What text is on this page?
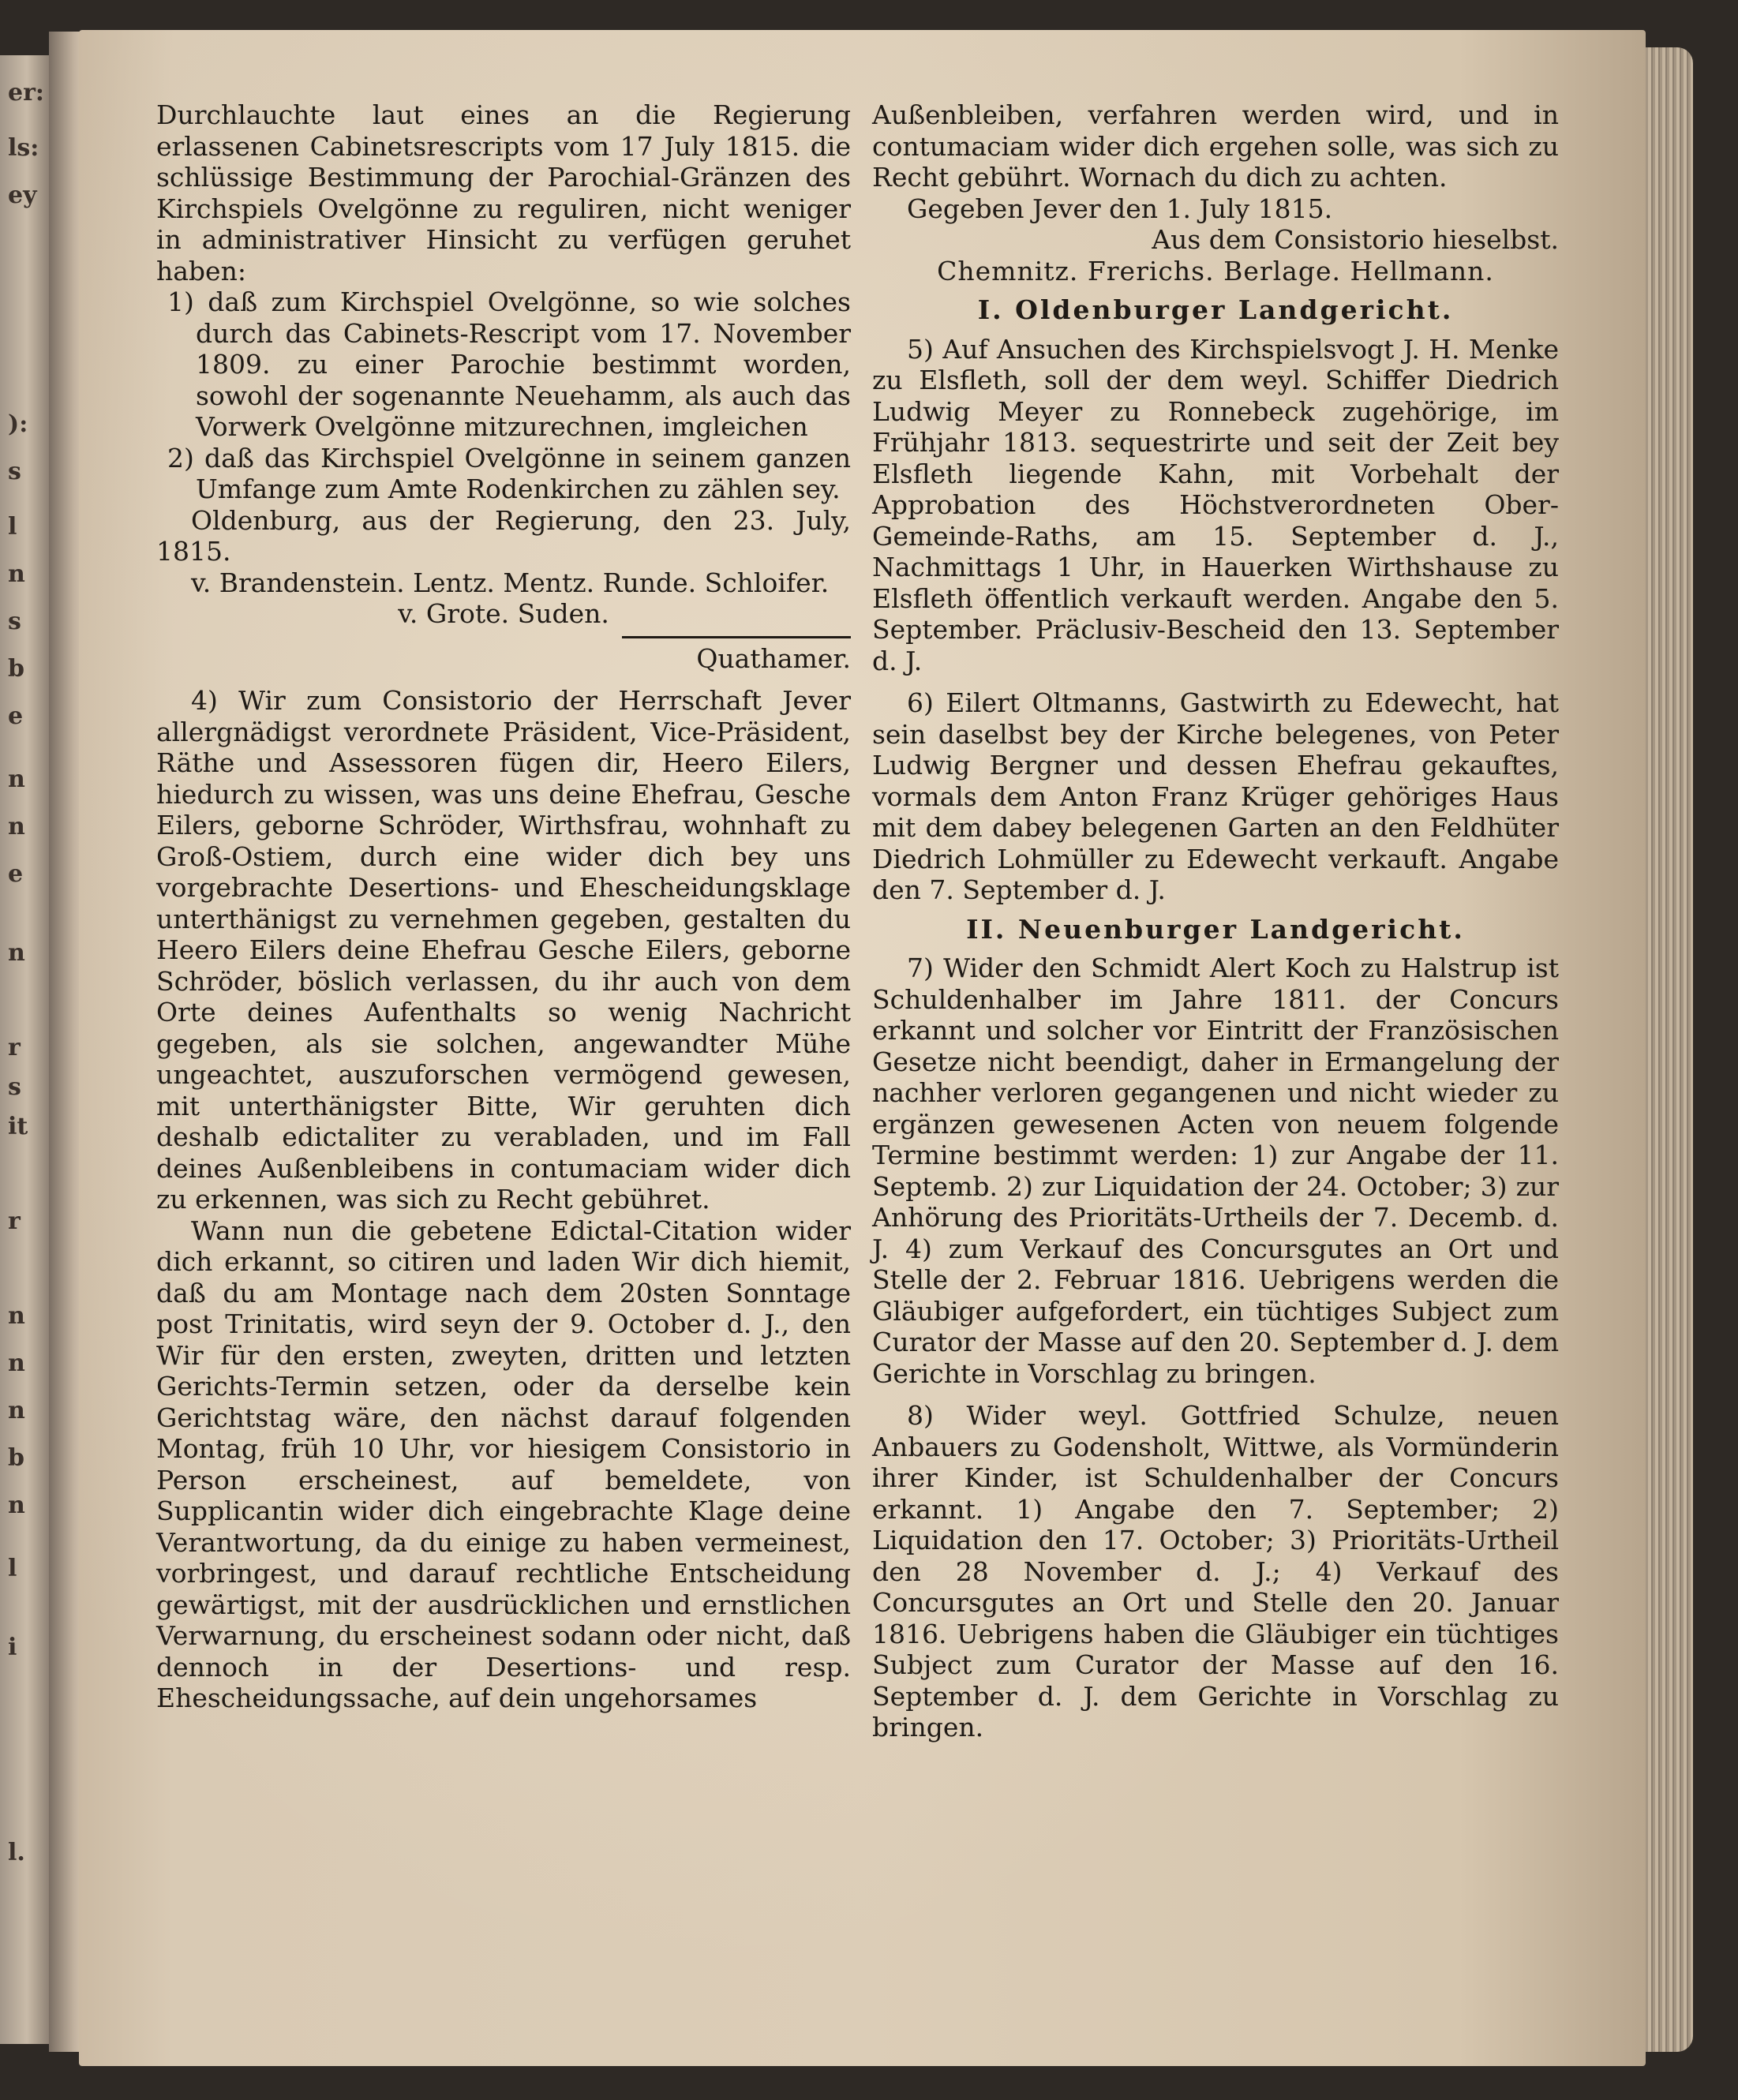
er:
ls:
ey
):
s
l
n
s
b
e
n
n
e
n
r
s
it
r
n
n
n
b
n
l
i
l.

Durchlauchte laut eines an die Regierung erlassenen Cabinetsrescripts vom 17 July 1815. die schlüssige Bestimmung der Parochial-Gränzen des Kirchspiels Ovelgönne zu reguliren, nicht weniger in administrativer Hinsicht zu verfügen geruhet haben:

1) daß zum Kirchspiel Ovelgönne, so wie solches durch das Cabinets-Rescript vom 17. November 1809. zu einer Parochie bestimmt worden, sowohl der sogenannte Neuehamm, als auch das Vorwerk Ovelgönne mitzurechnen, imgleichen

2) daß das Kirchspiel Ovelgönne in seinem ganzen Umfange zum Amte Rodenkirchen zu zählen sey.

Oldenburg, aus der Regierung, den 23. July, 1815.

v. Brandenstein. Lentz. Mentz. Runde. Schloifer.

v. Grote. Suden.

Quathamer.

4) Wir zum Consistorio der Herrschaft Jever allergnädigst verordnete Präsident, Vice-Präsident, Räthe und Assessoren fügen dir, Heero Eilers, hiedurch zu wissen, was uns deine Ehefrau, Gesche Eilers, geborne Schröder, Wirthsfrau, wohnhaft zu Groß-Ostiem, durch eine wider dich bey uns vorgebrachte Desertions- und Ehescheidungsklage unterthänigst zu vernehmen gegeben, gestalten du Heero Eilers deine Ehefrau Gesche Eilers, geborne Schröder, böslich verlassen, du ihr auch von dem Orte deines Aufenthalts so wenig Nachricht gegeben, als sie solchen, angewandter Mühe ungeachtet, auszuforschen vermögend gewesen, mit unterthänigster Bitte, Wir geruhten dich deshalb edictaliter zu verabladen, und im Fall deines Außenbleibens in contumaciam wider dich zu erkennen, was sich zu Recht gebühret.

Wann nun die gebetene Edictal-Citation wider dich erkannt, so citiren und laden Wir dich hiemit, daß du am Montage nach dem 20sten Sonntage post Trinitatis, wird seyn der 9. October d. J., den Wir für den ersten, zweyten, dritten und letzten Gerichts-Termin setzen, oder da derselbe kein Gerichtstag wäre, den nächst darauf folgenden Montag, früh 10 Uhr, vor hiesigem Consistorio in Person erscheinest, auf bemeldete, von Supplicantin wider dich eingebrachte Klage deine Verantwortung, da du einige zu haben vermeinest, vorbringest, und darauf rechtliche Entscheidung gewärtigst, mit der ausdrücklichen und ernstlichen Verwarnung, du erscheinest sodann oder nicht, daß dennoch in der Desertions- und resp. Ehescheidungssache, auf dein ungehorsames

Außenbleiben, verfahren werden wird, und in contumaciam wider dich ergehen solle, was sich zu Recht gebührt. Wornach du dich zu achten.

Gegeben Jever den 1. July 1815.

Aus dem Consistorio hieselbst.

Chemnitz. Frerichs. Berlage. Hellmann.

I. Oldenburger Landgericht.

5) Auf Ansuchen des Kirchspielsvogt J. H. Menke zu Elsfleth, soll der dem weyl. Schiffer Diedrich Ludwig Meyer zu Ronnebeck zugehörige, im Frühjahr 1813. sequestrirte und seit der Zeit bey Elsfleth liegende Kahn, mit Vorbehalt der Approbation des Höchstverordneten Ober-Gemeinde-Raths, am 15. September d. J., Nachmittags 1 Uhr, in Hauerken Wirthshause zu Elsfleth öffentlich verkauft werden. Angabe den 5. September. Präclusiv-Bescheid den 13. September d. J.

6) Eilert Oltmanns, Gastwirth zu Edewecht, hat sein daselbst bey der Kirche belegenes, von Peter Ludwig Bergner und dessen Ehefrau gekauftes, vormals dem Anton Franz Krüger gehöriges Haus mit dem dabey belegenen Garten an den Feldhüter Diedrich Lohmüller zu Edewecht verkauft. Angabe den 7. September d. J.

II. Neuenburger Landgericht.

7) Wider den Schmidt Alert Koch zu Halstrup ist Schuldenhalber im Jahre 1811. der Concurs erkannt und solcher vor Eintritt der Französischen Gesetze nicht beendigt, daher in Ermangelung der nachher verloren gegangenen und nicht wieder zu ergänzen gewesenen Acten von neuem folgende Termine bestimmt werden: 1) zur Angabe der 11. Septemb. 2) zur Liquidation der 24. October; 3) zur Anhörung des Prioritäts-Urtheils der 7. Decemb. d. J. 4) zum Verkauf des Concursgutes an Ort und Stelle der 2. Februar 1816. Uebrigens werden die Gläubiger aufgefordert, ein tüchtiges Subject zum Curator der Masse auf den 20. September d. J. dem Gerichte in Vorschlag zu bringen.

8) Wider weyl. Gottfried Schulze, neuen Anbauers zu Godensholt, Wittwe, als Vormünderin ihrer Kinder, ist Schuldenhalber der Concurs erkannt. 1) Angabe den 7. September; 2) Liquidation den 17. October; 3) Prioritäts-Urtheil den 28 November d. J.; 4) Verkauf des Concursgutes an Ort und Stelle den 20. Januar 1816. Uebrigens haben die Gläubiger ein tüchtiges Subject zum Curator der Masse auf den 16. September d. J. dem Gerichte in Vorschlag zu bringen.
